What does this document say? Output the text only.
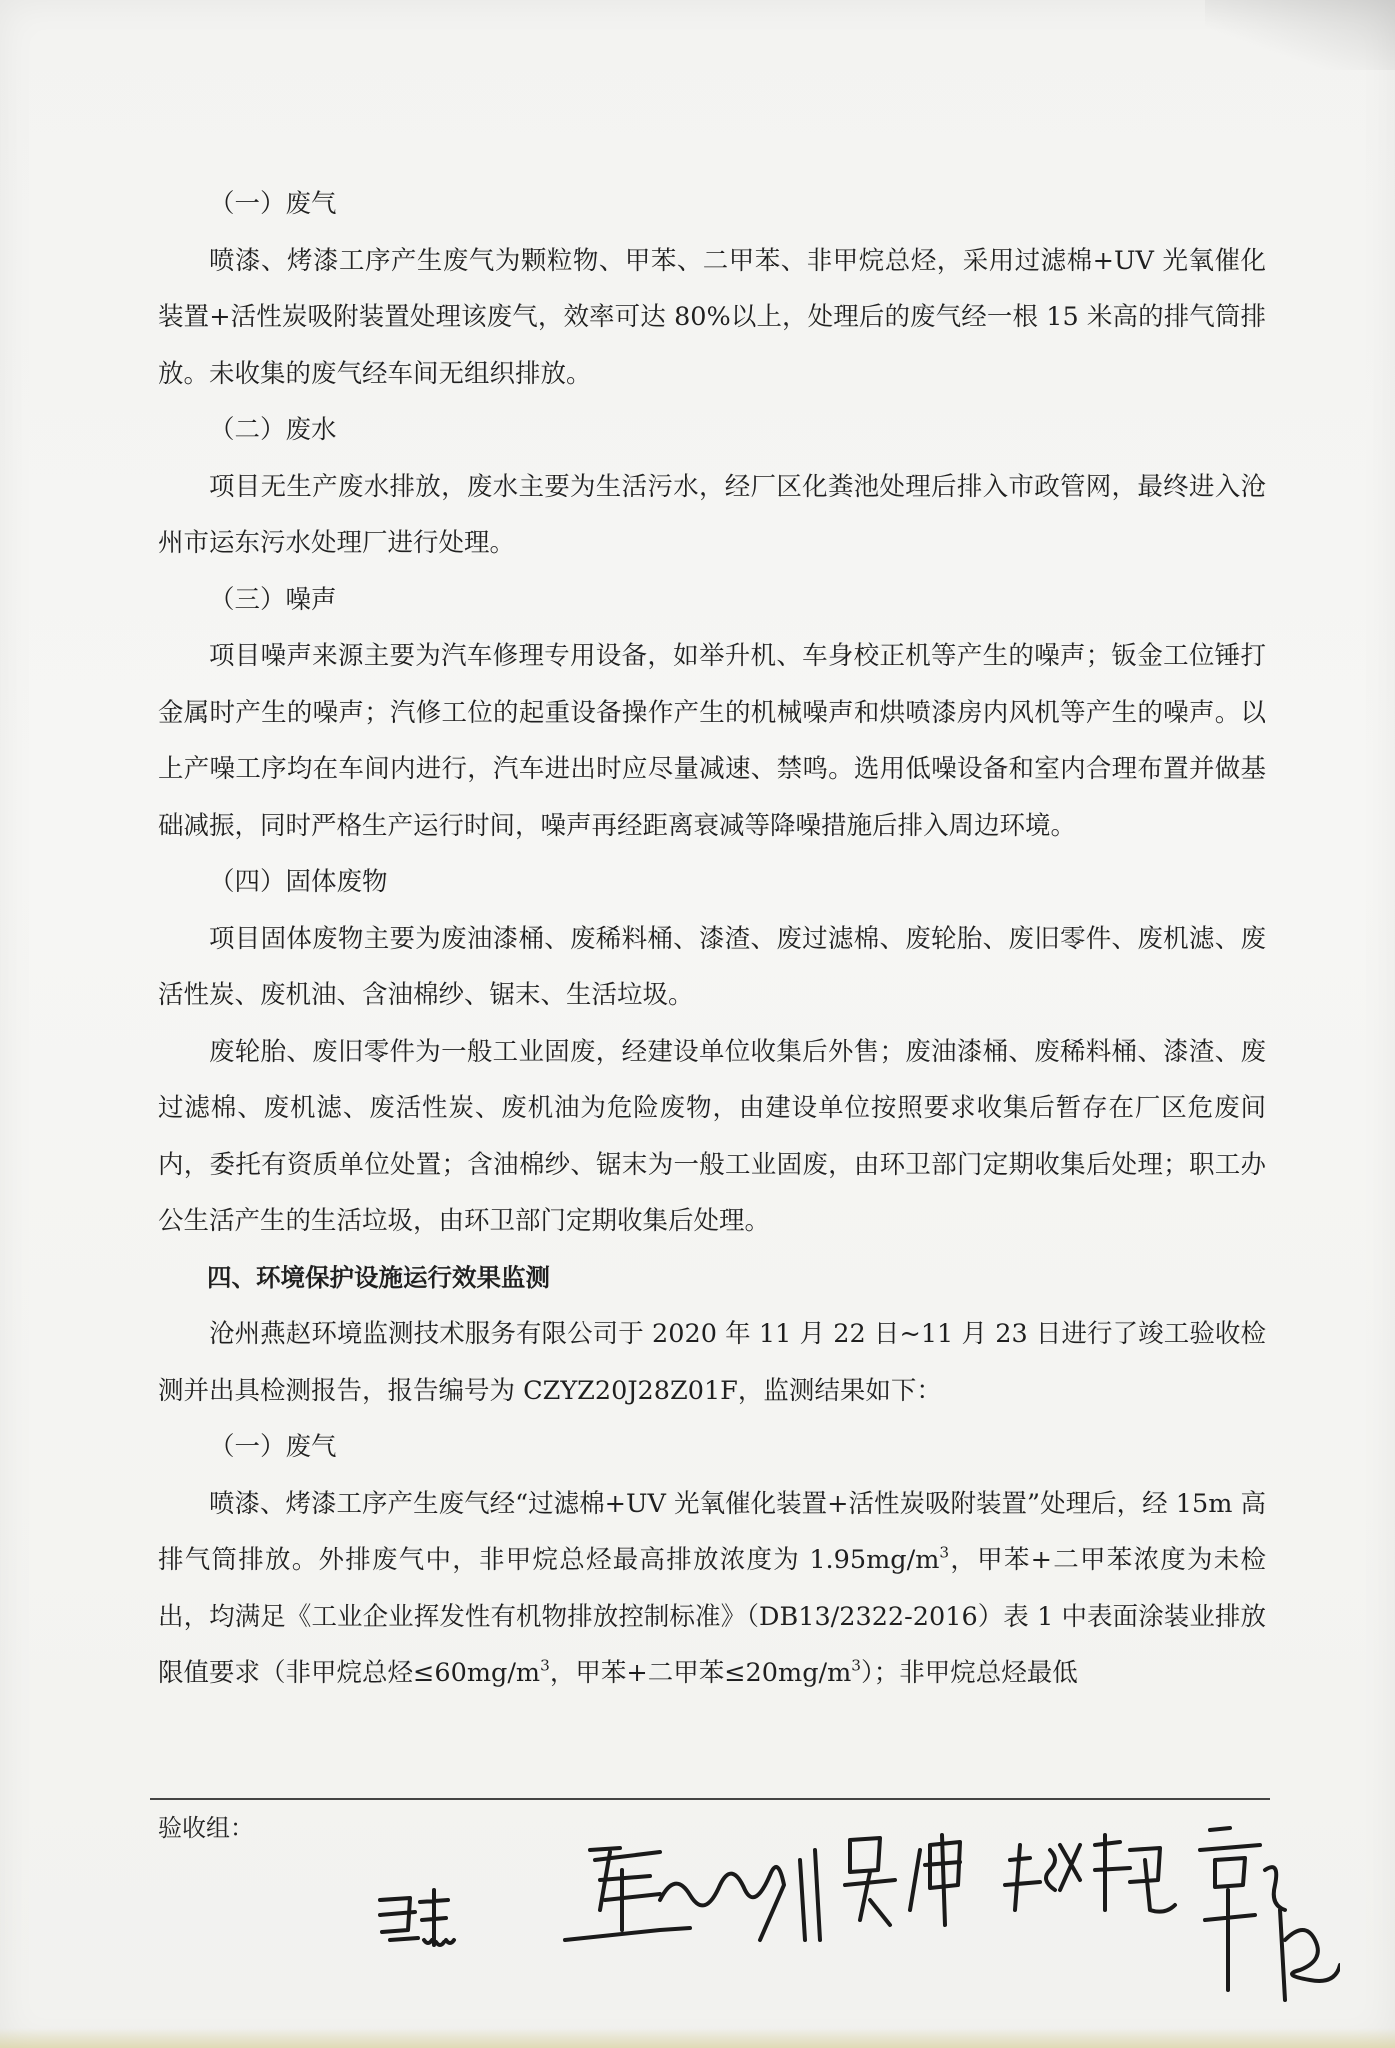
（一）废气

喷漆、烤漆工序产生废气为颗粒物、甲苯、二甲苯、非甲烷总烃，采用过滤棉+UV 光氧催化装置+活性炭吸附装置处理该废气，效率可达 80%以上，处理后的废气经一根 15 米高的排气筒排放。未收集的废气经车间无组织排放。

（二）废水

项目无生产废水排放，废水主要为生活污水，经厂区化粪池处理后排入市政管网，最终进入沧州市运东污水处理厂进行处理。

（三）噪声

项目噪声来源主要为汽车修理专用设备，如举升机、车身校正机等产生的噪声；钣金工位锤打金属时产生的噪声；汽修工位的起重设备操作产生的机械噪声和烘喷漆房内风机等产生的噪声。以上产噪工序均在车间内进行，汽车进出时应尽量减速、禁鸣。选用低噪设备和室内合理布置并做基础减振，同时严格生产运行时间，噪声再经距离衰减等降噪措施后排入周边环境。

（四）固体废物

项目固体废物主要为废油漆桶、废稀料桶、漆渣、废过滤棉、废轮胎、废旧零件、废机滤、废活性炭、废机油、含油棉纱、锯末、生活垃圾。

废轮胎、废旧零件为一般工业固废，经建设单位收集后外售；废油漆桶、废稀料桶、漆渣、废过滤棉、废机滤、废活性炭、废机油为危险废物，由建设单位按照要求收集后暂存在厂区危废间内，委托有资质单位处置；含油棉纱、锯末为一般工业固废，由环卫部门定期收集后处理；职工办公生活产生的生活垃圾，由环卫部门定期收集后处理。

四、环境保护设施运行效果监测

沧州燕赵环境监测技术服务有限公司于 2020 年 11 月 22 日~11 月 23 日进行了竣工验收检测并出具检测报告，报告编号为 CZYZ20J28Z01F，监测结果如下：

（一）废气

喷漆、烤漆工序产生废气经“过滤棉+UV 光氧催化装置+活性炭吸附装置”处理后，经 15m 高排气筒排放。外排废气中，非甲烷总烃最高排放浓度为 $1.95mg/m^3$，甲苯+二甲苯浓度为未检出，均满足《工业企业挥发性有机物排放控制标准》（DB13/2322-2016）表 1 中表面涂装业排放限值要求（非甲烷总烃$\le 60mg/m^3$，甲苯+二甲苯$\le 20mg/m^3$）；非甲烷总烃最低

验收组：
